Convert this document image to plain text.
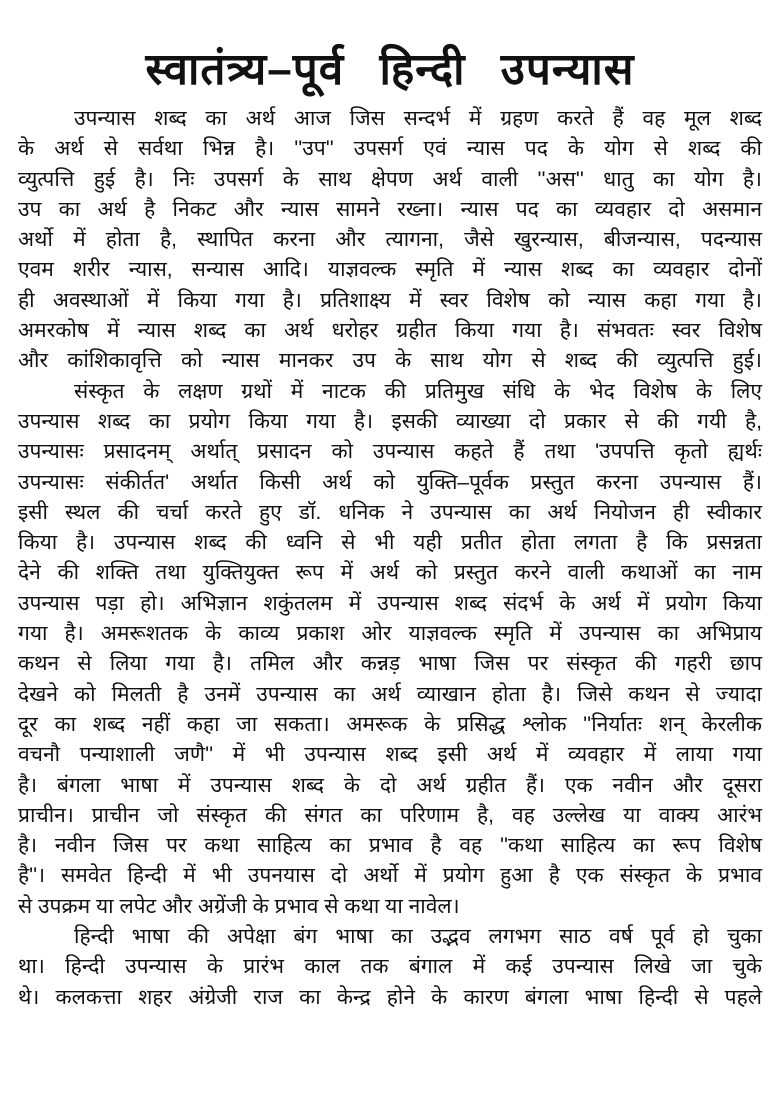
स्वातंत्र्य–पूर्व हिन्दी उपन्यास
उपन्यास शब्द का अर्थ आज जिस सन्दर्भ में ग्रहण करते हैं वह मूल शब्द
के अर्थ से सर्वथा भिन्न है। ''उप'' उपसर्ग एवं न्यास पद के योग से शब्द की
व्युत्पत्ति हुई है। निः उपसर्ग के साथ क्षेपण अर्थ वाली ''अस'' धातु का योग है।
उप का अर्थ है निकट और न्यास सामने रख्ना। न्यास पद का व्यवहार दो असमान
अर्थो में होता है, स्थापित करना और त्यागना, जैसे खुरन्यास, बीजन्यास, पदन्यास
एवम शरीर न्यास, सन्यास आदि। याज्ञवल्क स्मृति में न्यास शब्द का व्यवहार दोनों
ही अवस्थाओं में किया गया है। प्रतिशाक्ष्य में स्वर विशेष को न्यास कहा गया है।
अमरकोष में न्यास शब्द का अर्थ धरोहर ग्रहीत किया गया है। संभवतः स्वर विशेष
और कांशिकावृत्ति को न्यास मानकर उप के साथ योग से शब्द की व्युत्पत्ति हुई।
संस्कृत के लक्षण ग्रथों में नाटक की प्रतिमुख संधि के भेद विशेष के लिए
उपन्यास शब्द का प्रयोग किया गया है। इसकी व्याख्या दो प्रकार से की गयी है,
उपन्यासः प्रसादनम् अर्थात् प्रसादन को उपन्यास कहते हैं तथा 'उपपत्ति कृतो ह्यर्थः
उपन्यासः संकीर्तत' अर्थात किसी अर्थ को युक्ति–पूर्वक प्रस्तुत करना उपन्यास हैं।
इसी स्थल की चर्चा करते हुए डॉ. धनिक ने उपन्यास का अर्थ नियोजन ही स्वीकार
किया है। उपन्यास शब्द की ध्वनि से भी यही प्रतीत होता लगता है कि प्रसन्नता
देने की शक्ति तथा युक्तियुक्त रूप में अर्थ को प्रस्तुत करने वाली कथाओं का नाम
उपन्यास पड़ा हो। अभिज्ञान शकुंतलम में उपन्यास शब्द संदर्भ के अर्थ में प्रयोग किया
गया है। अमरूशतक के काव्य प्रकाश ओर याज्ञवल्क स्मृति में उपन्यास का अभिप्राय
कथन से लिया गया है। तमिल और कन्नड़ भाषा जिस पर संस्कृत की गहरी छाप
देखने को मिलती है उनमें उपन्यास का अर्थ व्याखान होता है। जिसे कथन से ज्यादा
दूर का शब्द नहीं कहा जा सकता। अमरूक के प्रसिद्ध श्लोक ''निर्यातः शन् केरलीक
वचनौ पन्याशाली जणै'' में भी उपन्यास शब्द इसी अर्थ में व्यवहार में लाया गया
है। बंगला भाषा में उपन्यास शब्द के दो अर्थ ग्रहीत हैं। एक नवीन और दूसरा
प्राचीन। प्राचीन जो संस्कृत की संगत का परिणाम है, वह उल्लेख या वाक्य आरंभ
है। नवीन जिस पर कथा साहित्य का प्रभाव है वह ''कथा साहित्य का रूप विशेष
है''। समवेत हिन्दी में भी उपनयास दो अर्थो में प्रयोग हुआ है एक संस्कृत के प्रभाव
से उपक्रम या लपेट और अग्रेंजी के प्रभाव से कथा या नावेल।
हिन्दी भाषा की अपेक्षा बंग भाषा का उद्भव लगभग साठ वर्ष पूर्व हो चुका
था। हिन्दी उपन्यास के प्रारंभ काल तक बंगाल में कई उपन्यास लिखे जा चुके
थे। कलकत्ता शहर अंग्रेजी राज का केन्द्र होने के कारण बंगला भाषा हिन्दी से पहले
